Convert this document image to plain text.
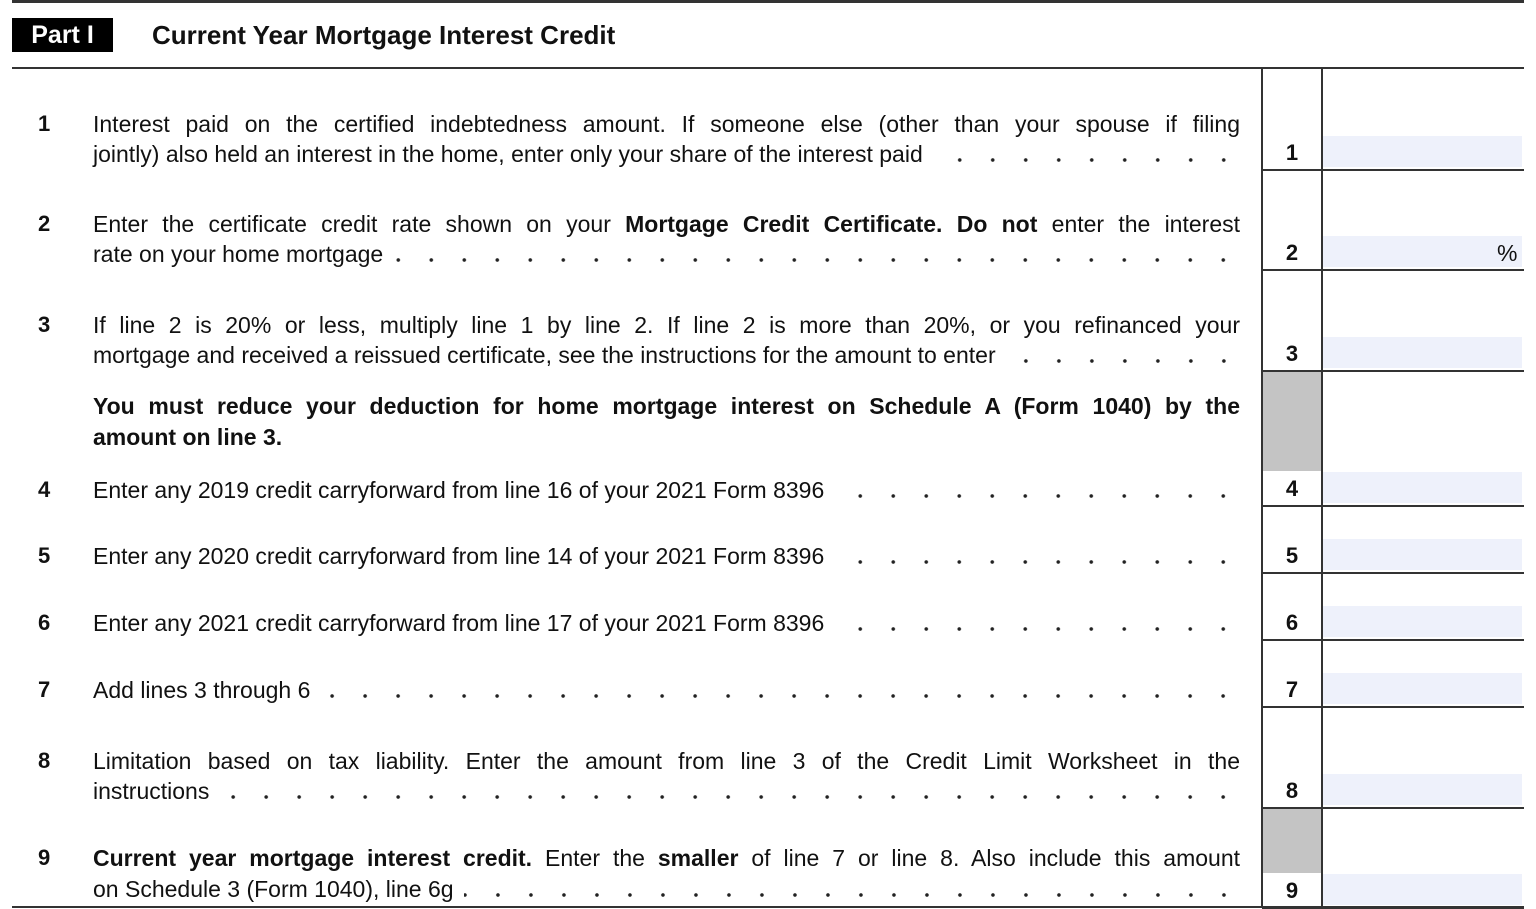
Part I	Current Year Mortgage Interest Credit
1 Interest paid on the certified indebtedness amount. If someone else (other than your spouse if filing
jointly) also held an interest in the home, enter only your share of the interest paid	1
2 Enter the certificate credit rate shown on your Mortgage Credit Certificate. Do not enter the interest
rate on your home mortgage	2	%
3 If line 2 is 20% or less, multiply line 1 by line 2. If line 2 is more than 20%, or you refinanced your
mortgage and received a reissued certificate, see the instructions for the amount to enter	3
You must reduce your deduction for home mortgage interest on Schedule A (Form 1040) by the
amount on line 3.
4 Enter any 2019 credit carryforward from line 16 of your 2021 Form 8396	4
5 Enter any 2020 credit carryforward from line 14 of your 2021 Form 8396	5
6 Enter any 2021 credit carryforward from line 17 of your 2021 Form 8396	6
7 Add lines 3 through 6	7
8 Limitation based on tax liability. Enter the amount from line 3 of the Credit Limit Worksheet in the
instructions	8
9 Current year mortgage interest credit. Enter the smaller of line 7 or line 8. Also include this amount
on Schedule 3 (Form 1040), line 6g	9
